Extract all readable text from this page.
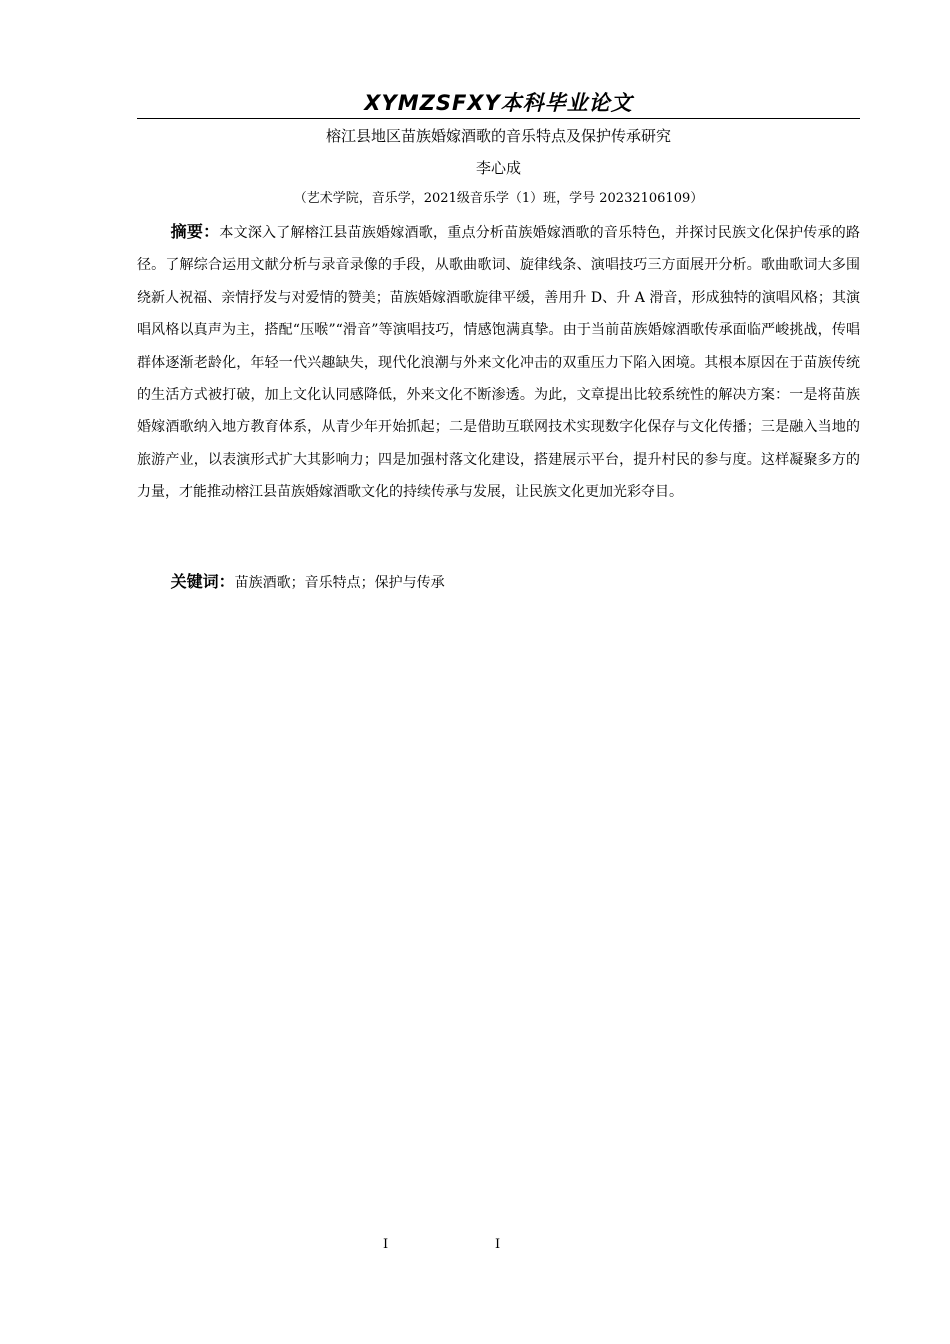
XYMZSFXY本科毕业论文
榕江县地区苗族婚嫁酒歌的音乐特点及保护传承研究
李心成
（艺术学院，音乐学，2021级音乐学（1）班，学号 20232106109）

摘要：本文深入了解榕江县苗族婚嫁酒歌，重点分析苗族婚嫁酒歌的音乐特色，并探讨民族文化保护传承的路径。了解综合运用文献分析与录音录像的手段，从歌曲歌词、旋律线条、演唱技巧三方面展开分析。歌曲歌词大多围绕新人祝福、亲情抒发与对爱情的赞美；苗族婚嫁酒歌旋律平缓，善用升 D、升 A 滑音，形成独特的演唱风格；其演唱风格以真声为主，搭配“压喉”“滑音”等演唱技巧，情感饱满真挚。由于当前苗族婚嫁酒歌传承面临严峻挑战，传唱群体逐渐老龄化，年轻一代兴趣缺失，现代化浪潮与外来文化冲击的双重压力下陷入困境。其根本原因在于苗族传统的生活方式被打破，加上文化认同感降低，外来文化不断渗透。为此，文章提出比较系统性的解决方案：一是将苗族婚嫁酒歌纳入地方教育体系，从青少年开始抓起；二是借助互联网技术实现数字化保存与文化传播；三是融入当地的旅游产业，以表演形式扩大其影响力；四是加强村落文化建设，搭建展示平台，提升村民的参与度。这样凝聚多方的力量，才能推动榕江县苗族婚嫁酒歌文化的持续传承与发展，让民族文化更加光彩夺目。

关键词：苗族酒歌；音乐特点；保护与传承

I	I
